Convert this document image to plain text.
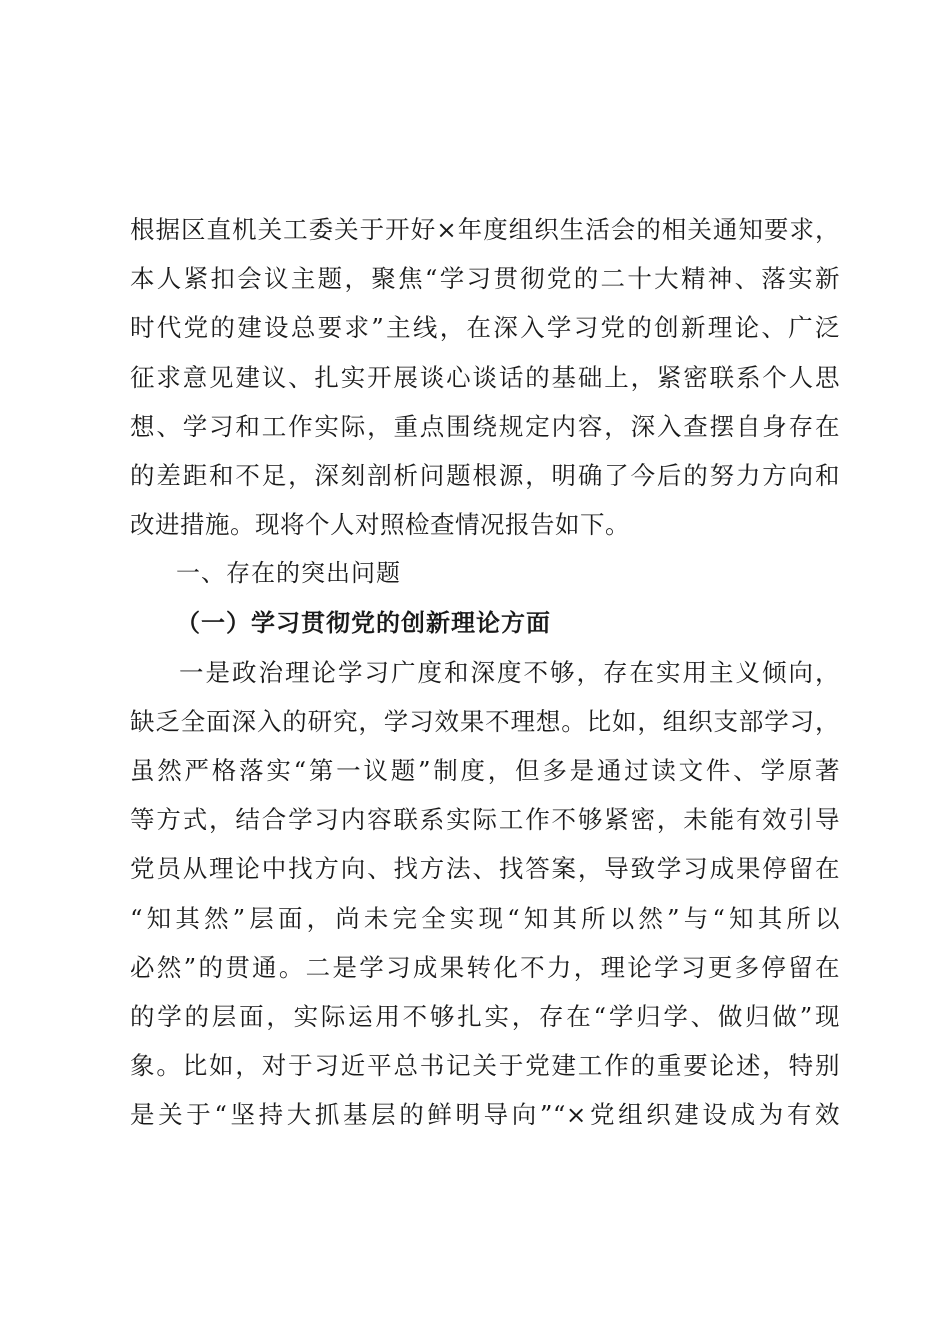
根据区直机关工委关于开好×年度组织生活会的相关通知要求，
本人紧扣会议主题，聚焦“学习贯彻党的二十大精神、落实新
时代党的建设总要求”主线，在深入学习党的创新理论、广泛
征求意见建议、扎实开展谈心谈话的基础上，紧密联系个人思
想、学习和工作实际，重点围绕规定内容，深入查摆自身存在
的差距和不足，深刻剖析问题根源，明确了今后的努力方向和
改进措施。现将个人对照检查情况报告如下。
一、存在的突出问题
（一）学习贯彻党的创新理论方面
一是政治理论学习广度和深度不够，存在实用主义倾向，
缺乏全面深入的研究，学习效果不理想。比如，组织支部学习，
虽然严格落实“第一议题”制度，但多是通过读文件、学原著
等方式，结合学习内容联系实际工作不够紧密，未能有效引导
党员从理论中找方向、找方法、找答案，导致学习成果停留在
“知其然”层面，尚未完全实现“知其所以然”与“知其所以
必然”的贯通。二是学习成果转化不力，理论学习更多停留在
的学的层面，实际运用不够扎实，存在“学归学、做归做”现
象。比如，对于习近平总书记关于党建工作的重要论述，特别
是关于“坚持大抓基层的鲜明导向”“×党组织建设成为有效
